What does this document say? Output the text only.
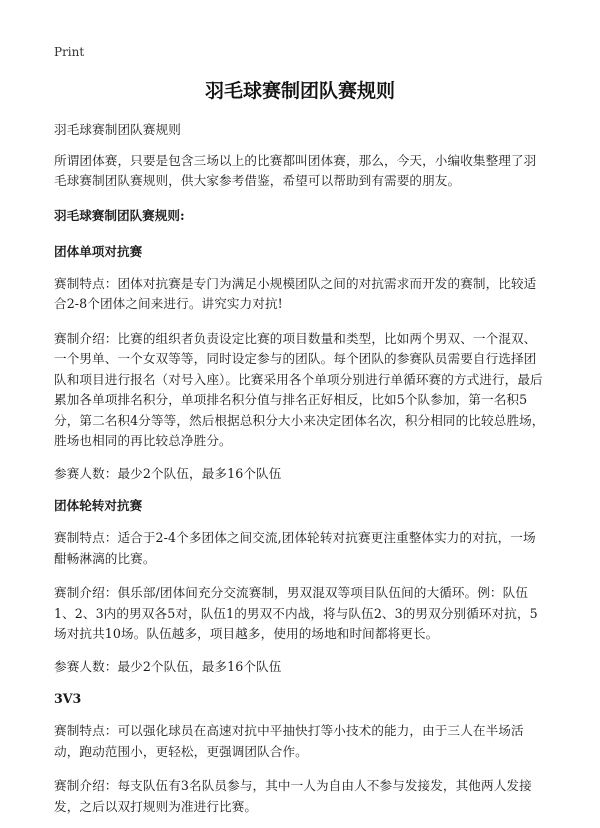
Print
羽毛球赛制团队赛规则

羽毛球赛制团队赛规则

所谓团体赛，只要是包含三场以上的比赛都叫团体赛，那么，今天，小编收集整理了羽毛球赛制团队赛规则，供大家参考借鉴，希望可以帮助到有需要的朋友。

羽毛球赛制团队赛规则:

团体单项对抗赛

赛制特点：团体对抗赛是专门为满足小规模团队之间的对抗需求而开发的赛制，比较适合2-8个团体之间来进行。讲究实力对抗!

赛制介绍：比赛的组织者负责设定比赛的项目数量和类型，比如两个男双、一个混双、一个男单、一个女双等等，同时设定参与的团队。每个团队的参赛队员需要自行选择团队和项目进行报名（对号入座）。比赛采用各个单项分别进行单循环赛的方式进行，最后累加各单项排名积分，单项排名积分值与排名正好相反，比如5个队参加，第一名积5分，第二名积4分等等，然后根据总积分大小来决定团体名次，积分相同的比较总胜场，胜场也相同的再比较总净胜分。

参赛人数：最少2个队伍，最多16个队伍

团体轮转对抗赛

赛制特点：适合于2-4个多团体之间交流,团体轮转对抗赛更注重整体实力的对抗，一场酣畅淋漓的比赛。

赛制介绍：俱乐部/团体间充分交流赛制，男双混双等项目队伍间的大循环。例：队伍1、2、3内的男双各5对，队伍1的男双不内战，将与队伍2、3的男双分别循环对抗，5场对抗共10场。队伍越多，项目越多，使用的场地和时间都将更长。

参赛人数：最少2个队伍，最多16个队伍

3V3

赛制特点：可以强化球员在高速对抗中平抽快打等小技术的能力，由于三人在半场活动，跑动范围小，更轻松，更强调团队合作。

赛制介绍：每支队伍有3名队员参与，其中一人为自由人不参与发接发，其他两人发接发，之后以双打规则为准进行比赛。
